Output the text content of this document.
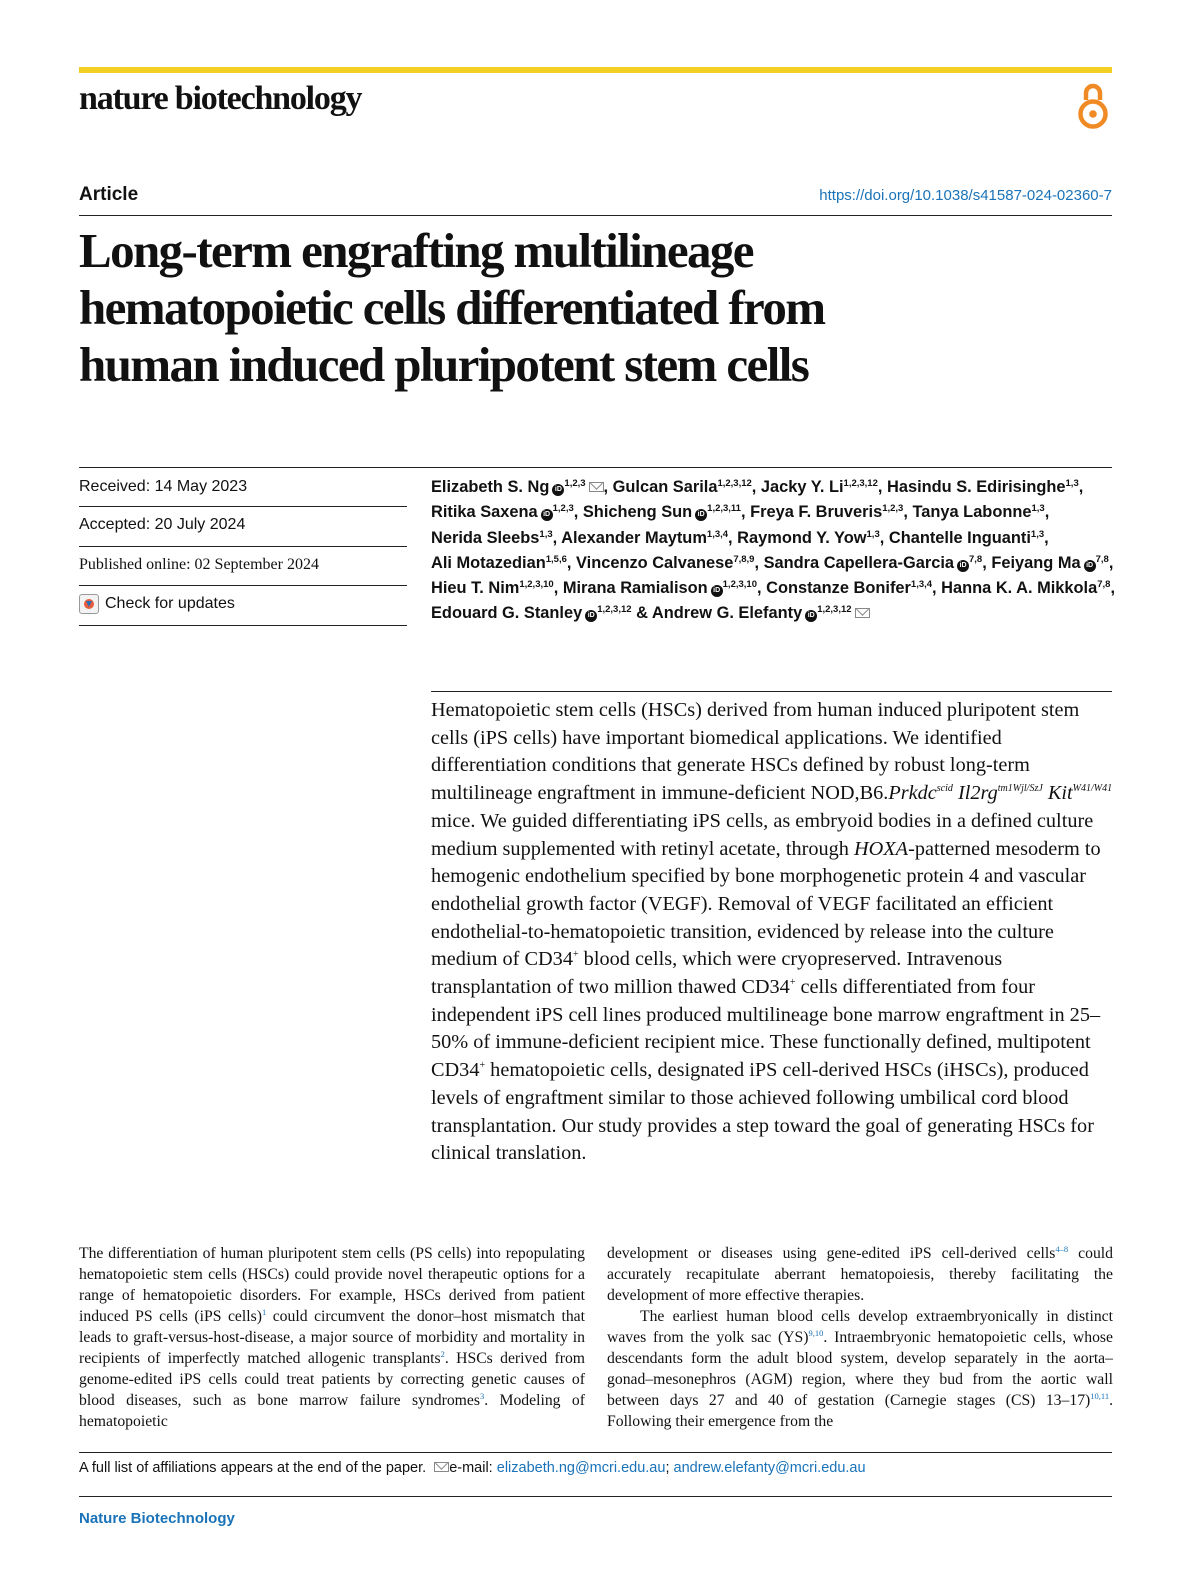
nature biotechnology
Article	https://doi.org/10.1038/s41587-024-02360-7
Long-term engrafting multilineage
hematopoietic cells differentiated from
human induced pluripotent stem cells
Received: 14 May 2023
Accepted: 20 July 2024
Published online: 02 September 2024
Check for updates
Elizabeth S. Ng iD$^{1,2,3}$ , Gulcan Sarila$^{1,2,3,12}$, Jacky Y. Li$^{1,2,3,12}$, Hasindu S. Edirisinghe$^{1,3}$, Ritika Saxena iD$^{1,2,3}$, Shicheng Sun iD$^{1,2,3,11}$, Freya F. Bruveris$^{1,2,3}$, Tanya Labonne$^{1,3}$, Nerida Sleebs$^{1,3}$, Alexander Maytum$^{1,3,4}$, Raymond Y. Yow$^{1,3}$, Chantelle Inguanti$^{1,3}$, Ali Motazedian$^{1,5,6}$, Vincenzo Calvanese$^{7,8,9}$, Sandra Capellera-Garcia iD$^{7,8}$, Feiyang Ma iD$^{7,8}$, Hieu T. Nim$^{1,2,3,10}$, Mirana Ramialison iD$^{1,2,3,10}$, Constanze Bonifer$^{1,3,4}$, Hanna K. A. Mikkola$^{7,8}$, Edouard G. Stanley iD$^{1,2,3,12}$ & Andrew G. Elefanty iD$^{1,2,3,12}$

Hematopoietic stem cells (HSCs) derived from human induced pluripotent stem cells (iPS cells) have important biomedical applications. We identified differentiation conditions that generate HSCs defined by robust long-term multilineage engraftment in immune-deficient NOD,B6.Prkdc$^{scid}$ $Il2rg^{tm1Wjl/SzJ}$ Kit$^{W41/W41}$ mice. We guided differentiating iPS cells, as embryoid bodies in a defined culture medium supplemented with retinyl acetate, through HOXA-patterned mesoderm to hemogenic endothelium specified by bone morphogenetic protein 4 and vascular endothelial growth factor (VEGF). Removal of VEGF facilitated an efficient endothelial-to-hematopoietic transition, evidenced by release into the culture medium of CD34+ blood cells, which were cryopreserved. Intravenous transplantation of two million thawed CD34+ cells differentiated from four independent iPS cell lines produced multilineage bone marrow engraftment in 25–50% of immune-deficient recipient mice. These functionally defined, multipotent CD34+ hematopoietic cells, designated iPS cell-derived HSCs (iHSCs), produced levels of engraftment similar to those achieved following umbilical cord blood transplantation. Our study provides a step toward the goal of generating HSCs for clinical translation.

The differentiation of human pluripotent stem cells (PS cells) into repopulating hematopoietic stem cells (HSCs) could provide novel therapeutic options for a range of hematopoietic disorders. For example, HSCs derived from patient induced PS cells (iPS cells)$^1$ could circumvent the donor–host mismatch that leads to graft-versus-host-disease, a major source of morbidity and mortality in recipients of imperfectly matched allogenic transplants$^2$. HSCs derived from genome-edited iPS cells could treat patients by correcting genetic causes of blood diseases, such as bone marrow failure syndromes$^3$. Modeling of hematopoietic

development or diseases using gene-edited iPS cell-derived cells$^{4-8}$ could accurately recapitulate aberrant hematopoiesis, thereby facilitating the development of more effective therapies.

The earliest human blood cells develop extraembryonically in distinct waves from the yolk sac (YS)$^{9,10}$. Intraembryonic hematopoietic cells, whose descendants form the adult blood system, develop separately in the aorta–gonad–mesonephros (AGM) region, where they bud from the aortic wall between days 27 and 40 of gestation (Carnegie stages (CS) 13–17)$^{10,11}$. Following their emergence from the

A full list of affiliations appears at the end of the paper. e-mail: elizabeth.ng@mcri.edu.au; andrew.elefanty@mcri.edu.au
Nature Biotechnology
